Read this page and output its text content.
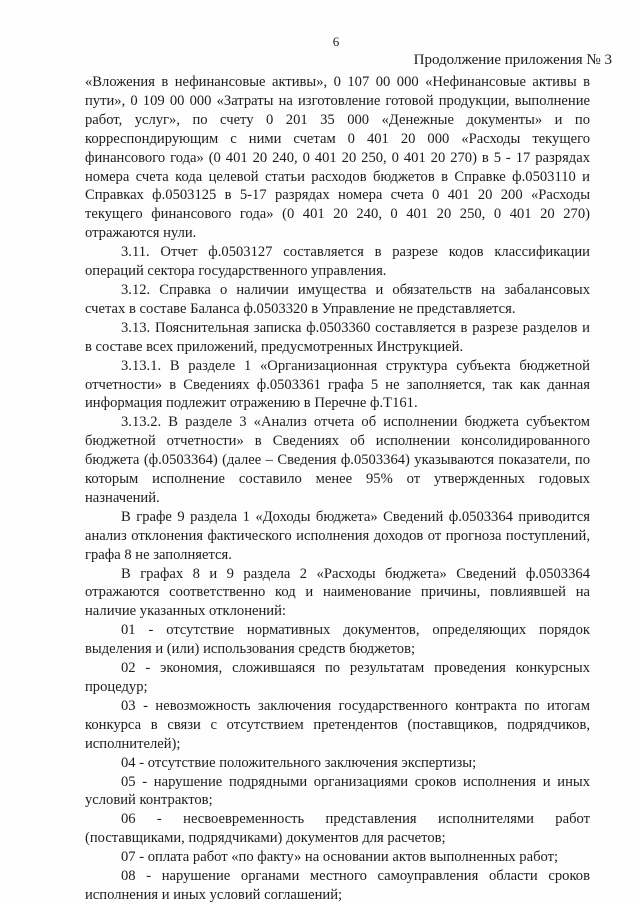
6
Продолжение приложения № 3

«Вложения в нефинансовые активы», 0 107 00 000 «Нефинансовые активы в пути», 0 109 00 000 «Затраты на изготовление готовой продукции, выполнение работ, услуг», по счету 0 201 35 000 «Денежные документы» и по корреспондирующим с ними счетам 0 401 20 000 «Расходы текущего финансового года» (0 401 20 240, 0 401 20 250, 0 401 20 270) в 5 - 17 разрядах номера счета кода целевой статьи расходов бюджетов в Справке ф.0503110 и Справках ф.0503125 в 5-17 разрядах номера счета 0 401 20 200 «Расходы текущего финансового года» (0 401 20 240, 0 401 20 250, 0 401 20 270) отражаются нули.

3.11. Отчет ф.0503127 составляется в разрезе кодов классификации операций сектора государственного управления.

3.12. Справка о наличии имущества и обязательств на забалансовых счетах в составе Баланса ф.0503320 в Управление не представляется.

3.13. Пояснительная записка ф.0503360 составляется в разрезе разделов и в составе всех приложений, предусмотренных Инструкцией.

3.13.1. В разделе 1 «Организационная структура субъекта бюджетной отчетности» в Сведениях ф.0503361 графа 5 не заполняется, так как данная информация подлежит отражению в Перечне ф.Т161.

3.13.2. В разделе 3 «Анализ отчета об исполнении бюджета субъектом бюджетной отчетности» в Сведениях об исполнении консолидированного бюджета (ф.0503364) (далее – Сведения ф.0503364) указываются показатели, по которым исполнение составило менее 95% от утвержденных годовых назначений.

В графе 9 раздела 1 «Доходы бюджета» Сведений ф.0503364 приводится анализ отклонения фактического исполнения доходов от прогноза поступлений, графа 8 не заполняется.

В графах 8 и 9 раздела 2 «Расходы бюджета» Сведений ф.0503364 отражаются соответственно код и наименование причины, повлиявшей на наличие указанных отклонений:

01 - отсутствие нормативных документов, определяющих порядок выделения и (или) использования средств бюджетов;

02 - экономия, сложившаяся по результатам проведения конкурсных процедур;

03 - невозможность заключения государственного контракта по итогам конкурса в связи с отсутствием претендентов (поставщиков, подрядчиков, исполнителей);

04 - отсутствие положительного заключения экспертизы;

05 - нарушение подрядными организациями сроков исполнения и иных условий контрактов;

06 - несвоевременность представления исполнителями работ (поставщиками, подрядчиками) документов для расчетов;

07 - оплата работ «по факту» на основании актов выполненных работ;

08 - нарушение органами местного самоуправления области сроков исполнения и иных условий соглашений;
